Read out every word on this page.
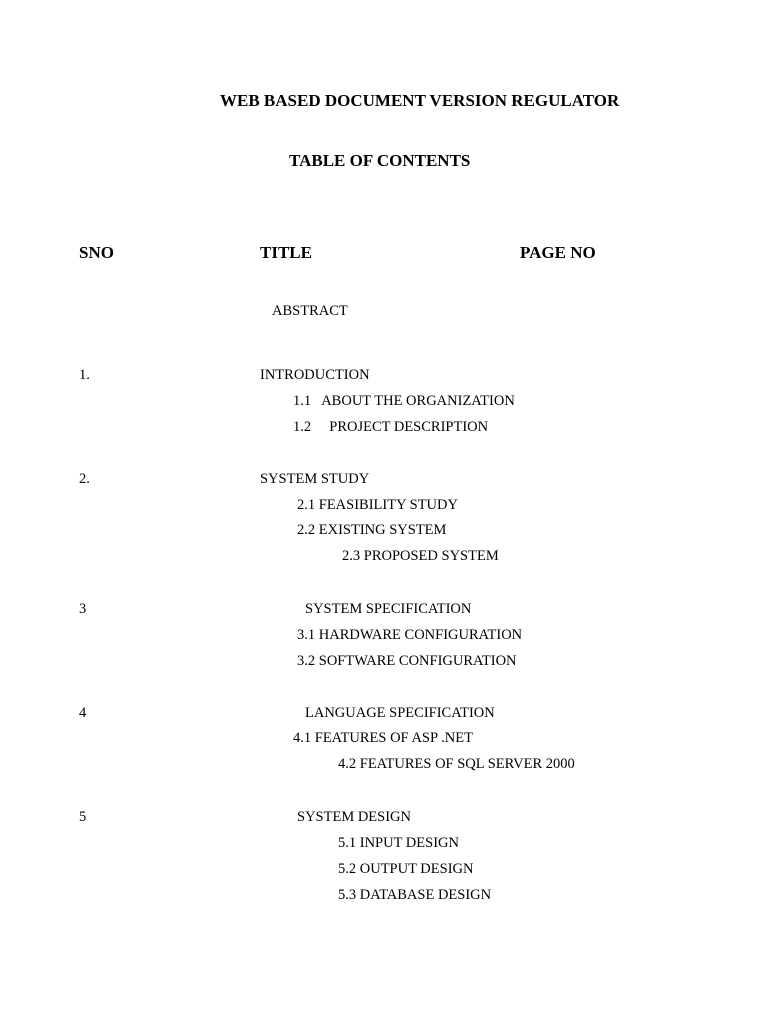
WEB BASED DOCUMENT VERSION REGULATOR
TABLE OF CONTENTS
SNO	TITLE	PAGE NO
ABSTRACT
1.	INTRODUCTION
1.1   ABOUT THE ORGANIZATION
1.2     PROJECT DESCRIPTION
2.	SYSTEM STUDY
2.1 FEASIBILITY STUDY
2.2 EXISTING SYSTEM
2.3 PROPOSED SYSTEM
3	SYSTEM SPECIFICATION
3.1 HARDWARE CONFIGURATION
3.2 SOFTWARE CONFIGURATION
4	LANGUAGE SPECIFICATION
4.1 FEATURES OF ASP .NET
4.2 FEATURES OF SQL SERVER 2000
5	SYSTEM DESIGN
5.1 INPUT DESIGN
5.2 OUTPUT DESIGN
5.3 DATABASE DESIGN
